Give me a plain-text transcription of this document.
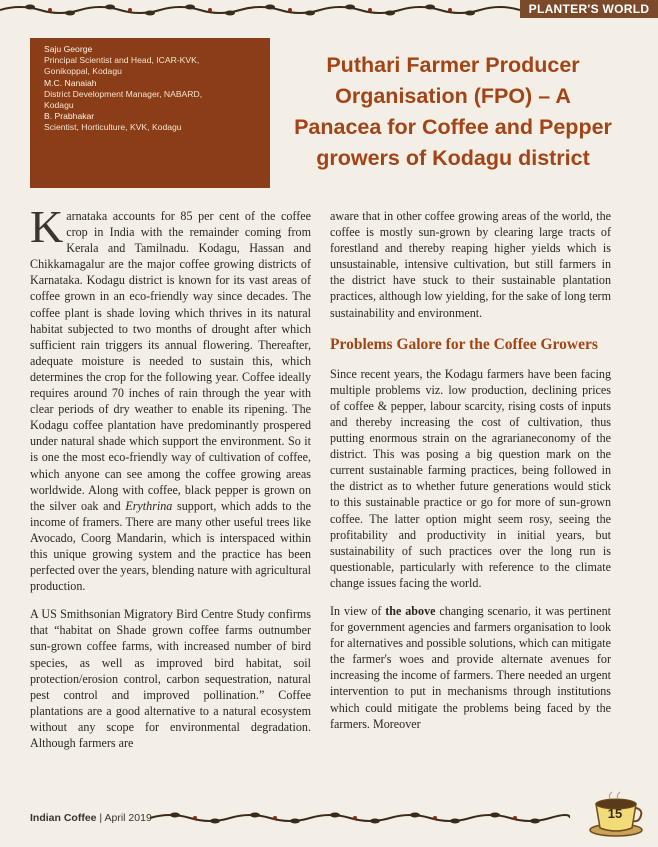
PLANTER'S WORLD
Saju George
Principal Scientist and Head, ICAR-KVK,
Gonikoppal, Kodagu
M.C. Nanaiah
District Development Manager, NABARD,
Kodagu
B. Prabhakar
Scientist, Horticulture, KVK, Kodagu
Puthari Farmer Producer
Organisation (FPO) – A
Panacea for Coffee and Pepper
growers of Kodagu district

Karnataka accounts for 85 per cent of the coffee crop in India with the remainder coming from Kerala and Tamilnadu. Kodagu, Hassan and Chikkamagalur are the major coffee growing districts of Karnataka. Kodagu district is known for its vast areas of coffee grown in an eco-friendly way since decades. The coffee plant is shade loving which thrives in its natural habitat subjected to two months of drought after which sufficient rain triggers its annual flowering. Thereafter, adequate moisture is needed to sustain this, which determines the crop for the following year. Coffee ideally requires around 70 inches of rain through the year with clear periods of dry weather to enable its ripening. The Kodagu coffee plantation have predominantly prospered under natural shade which support the environment. So it is one the most eco-friendly way of cultivation of coffee, which anyone can see among the coffee growing areas worldwide. Along with coffee, black pepper is grown on the silver oak and Erythrina support, which adds to the income of framers. There are many other useful trees like Avocado, Coorg Mandarin, which is interspaced within this unique growing system and the practice has been perfected over the years, blending nature with agricultural production.

A US Smithsonian Migratory Bird Centre Study confirms that “habitat on Shade grown coffee farms outnumber sun-grown coffee farms, with increased number of bird species, as well as improved bird habitat, soil protection/erosion control, carbon sequestration, natural pest control and improved pollination.” Coffee plantations are a good alternative to a natural ecosystem without any scope for environmental degradation. Although farmers are

aware that in other coffee growing areas of the world, the coffee is mostly sun-grown by clearing large tracts of forestland and thereby reaping higher yields which is unsustainable, intensive cultivation, but still farmers in the district have stuck to their sustainable plantation practices, although low yielding, for the sake of long term sustainability and environment.

Problems Galore for the Coffee Growers

Since recent years, the Kodagu farmers have been facing multiple problems viz. low production, declining prices of coffee & pepper, labour scarcity, rising costs of inputs and thereby increasing the cost of cultivation, thus putting enormous strain on the agrarianeconomy of the district. This was posing a big question mark on the current sustainable farming practices, being followed in the district as to whether future generations would stick to this sustainable practice or go for more of sun-grown coffee. The latter option might seem rosy, seeing the profitability and productivity in initial years, but sustainability of such practices over the long run is questionable, particularly with reference to the climate change issues facing the world.

In view of the above changing scenario, it was pertinent for government agencies and farmers organisation to look for alternatives and possible solutions, which can mitigate the farmer's woes and provide alternate avenues for increasing the income of farmers. There needed an urgent intervention to put in mechanisms through institutions which could mitigate the problems being faced by the farmers. Moreover

Indian Coffee | April 2019	15
